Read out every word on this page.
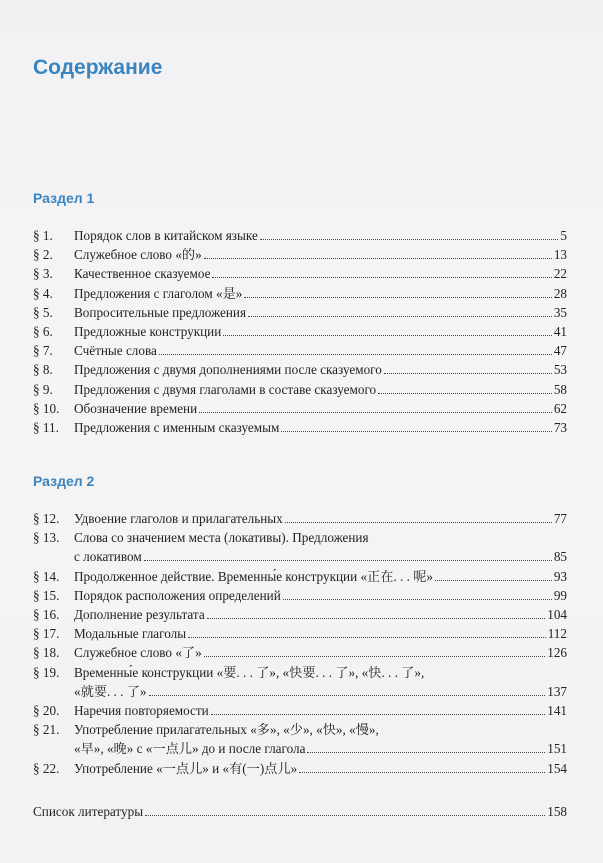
Содержание
Раздел 1
§ 1.	Порядок слов в китайском языке	5
§ 2.	Служебное слово «的»	13
§ 3.	Качественное сказуемое	22
§ 4.	Предложения с глаголом «是»	28
§ 5.	Вопросительные предложения	35
§ 6.	Предложные конструкции	41
§ 7.	Счётные слова	47
§ 8.	Предложения с двумя дополнениями после сказуемого	53
§ 9.	Предложения с двумя глаголами в составе сказуемого	58
§ 10.	Обозначение времени	62
§ 11.	Предложения с именным сказуемым	73
Раздел 2
§ 12.	Удвоение глаголов и прилагательных	77
§ 13.	Слова со значением места (локативы). Предложения
с локативом	85
§ 14.	Продолженное действие. Временны́е конструкции «正在. . . 呢»	93
§ 15.	Порядок расположения определений	99
§ 16.	Дополнение результата	104
§ 17.	Модальные глаголы	112
§ 18.	Служебное слово «了»	126
§ 19.	Временны́е конструкции «要. . . 了», «快要. . . 了», «快. . . 了»,
«就要. . . 了»	137
§ 20.	Наречия повторяемости	141
§ 21.	Употребление прилагательных «多», «少», «快», «慢»,
«早», «晚» с «一点儿» до и после глагола	151
§ 22.	Употребление «一点儿» и «有(一)点儿»	154
Список литературы	158
